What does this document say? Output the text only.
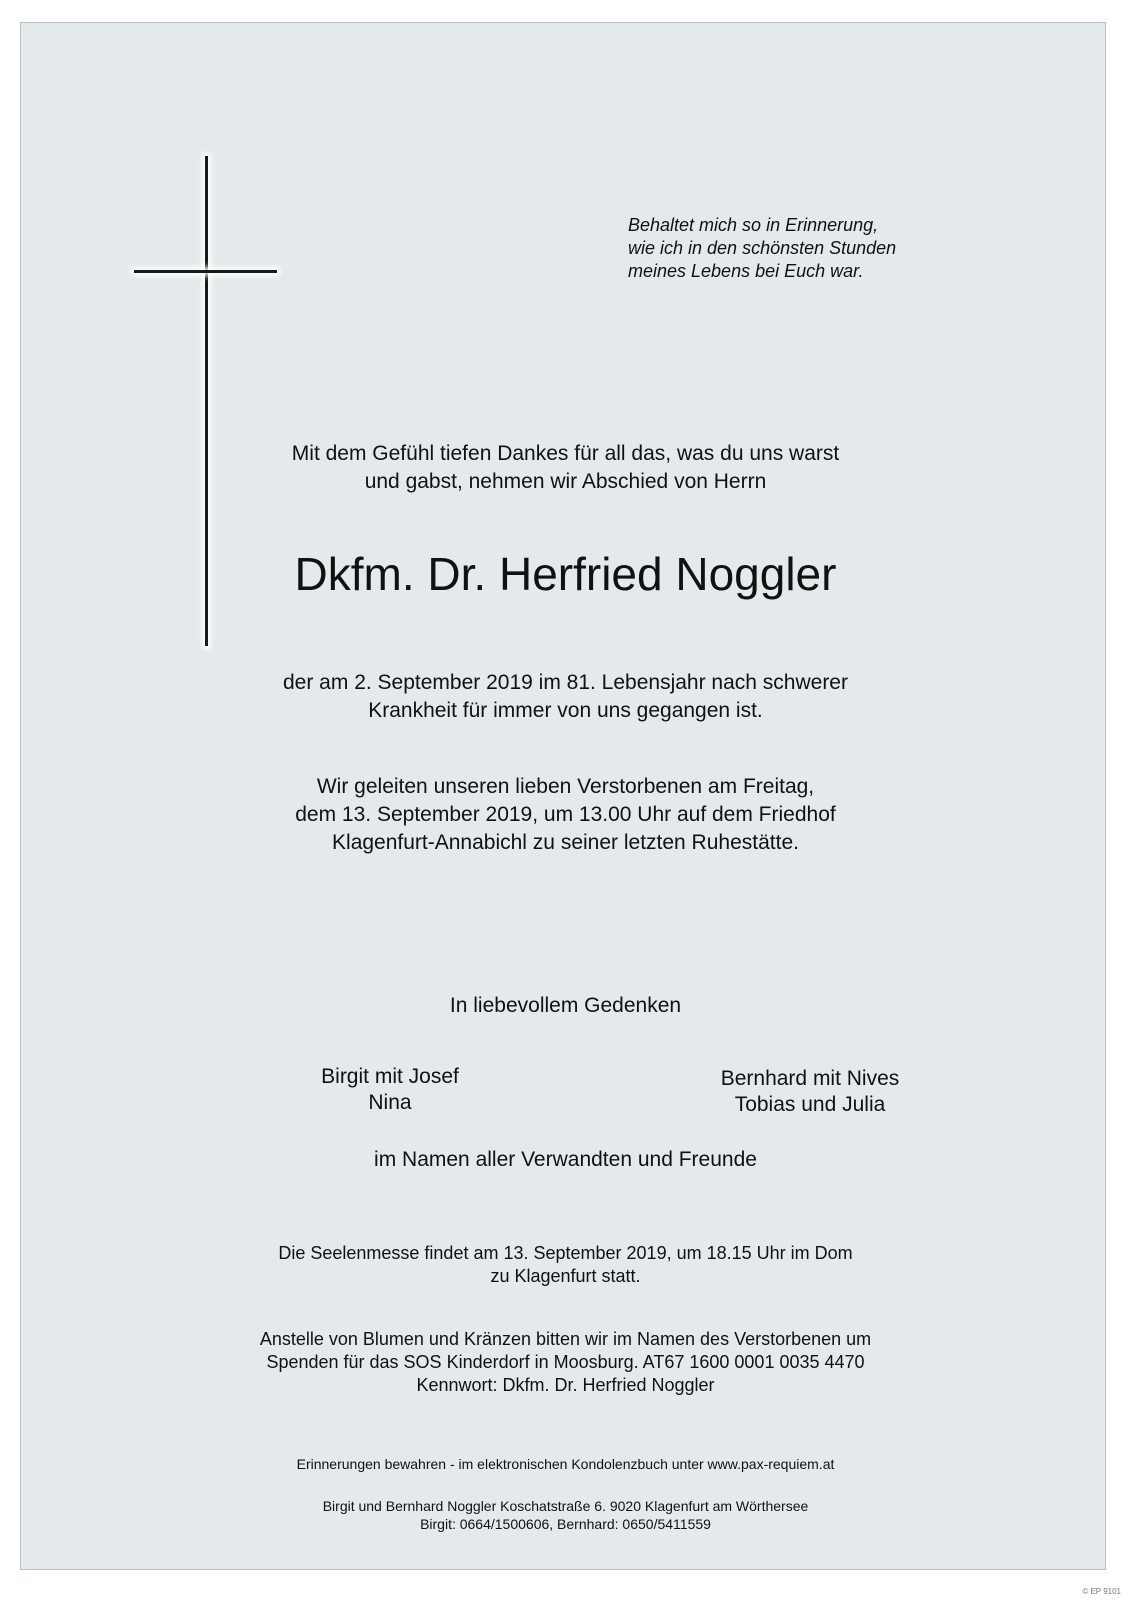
Behaltet mich so in Erinnerung,
wie ich in den schönsten Stunden
meines Lebens bei Euch war.
Mit dem Gefühl tiefen Dankes für all das, was du uns warst
und gabst, nehmen wir Abschied von Herrn
Dkfm. Dr. Herfried Noggler
der am 2. September 2019 im 81. Lebensjahr nach schwerer
Krankheit für immer von uns gegangen ist.
Wir geleiten unseren lieben Verstorbenen am Freitag,
dem 13. September 2019, um 13.00 Uhr auf dem Friedhof
Klagenfurt-Annabichl zu seiner letzten Ruhestätte.
In liebevollem Gedenken
Birgit mit Josef
Nina
Bernhard mit Nives
Tobias und Julia
im Namen aller Verwandten und Freunde
Die Seelenmesse findet am 13. September 2019, um 18.15 Uhr im Dom
zu Klagenfurt statt.
Anstelle von Blumen und Kränzen bitten wir im Namen des Verstorbenen um
Spenden für das SOS Kinderdorf in Moosburg. AT67 1600 0001 0035 4470
Kennwort: Dkfm. Dr. Herfried Noggler
Erinnerungen bewahren - im elektronischen Kondolenzbuch unter www.pax-requiem.at
Birgit und Bernhard Noggler Koschatstraße 6. 9020 Klagenfurt am Wörthersee
Birgit: 0664/1500606, Bernhard: 0650/5411559
© EP 9101
